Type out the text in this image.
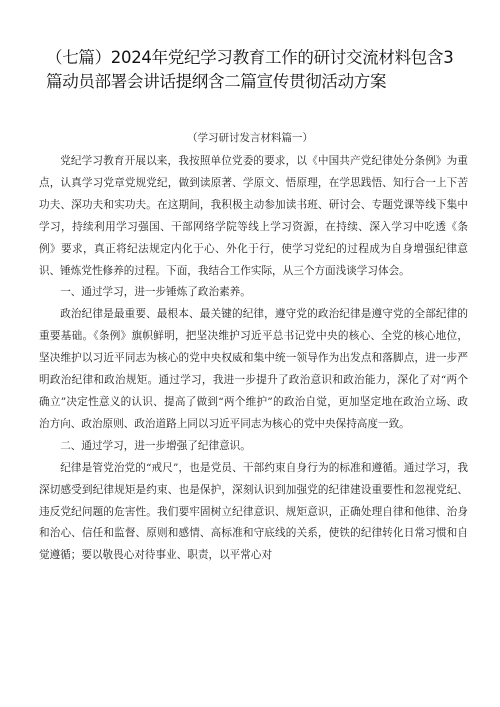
（七篇）2024年党纪学习教育工作的研讨交流材料包含3篇动员部署会讲话提纲含二篇宣传贯彻活动方案
（学习研讨发言材料篇一）

党纪学习教育开展以来，我按照单位党委的要求，以《中国共产党纪律处分条例》为重点，认真学习党章党规党纪，做到读原著、学原文、悟原理，在学思践悟、知行合一上下苦功夫、深功夫和实功夫。在这期间，我积极主动参加读书班、研讨会、专题党课等线下集中学习，持续利用学习强国、干部网络学院等线上学习资源，在持续、深入学习中吃透《条例》要求，真正将纪法规定内化于心、外化于行，使学习党纪的过程成为自身增强纪律意识、锤炼党性修养的过程。下面，我结合工作实际，从三个方面浅谈学习体会。

一、通过学习，进一步锤炼了政治素养。

政治纪律是最重要、最根本、最关键的纪律，遵守党的政治纪律是遵守党的全部纪律的重要基础。《条例》旗帜鲜明，把坚决维护习近平总书记党中央的核心、全党的核心地位，坚决维护以习近平同志为核心的党中央权威和集中统一领导作为出发点和落脚点，进一步严明政治纪律和政治规矩。通过学习，我进一步提升了政治意识和政治能力，深化了对“两个确立”决定性意义的认识、提高了做到“两个维护”的政治自觉，更加坚定地在政治立场、政治方向、政治原则、政治道路上同以习近平同志为核心的党中央保持高度一致。

二、通过学习，进一步增强了纪律意识。

纪律是管党治党的“戒尺”，也是党员、干部约束自身行为的标准和遵循。通过学习，我深切感受到纪律规矩是约束、也是保护，深刻认识到加强党的纪律建设重要性和忽视党纪、违反党纪问题的危害性。我们要牢固树立纪律意识、规矩意识，正确处理自律和他律、治身和治心、信任和监督、原则和感情、高标准和守底线的关系，使铁的纪律转化日常习惯和自觉遵循；要以敬畏心对待事业、职责，以平常心对
